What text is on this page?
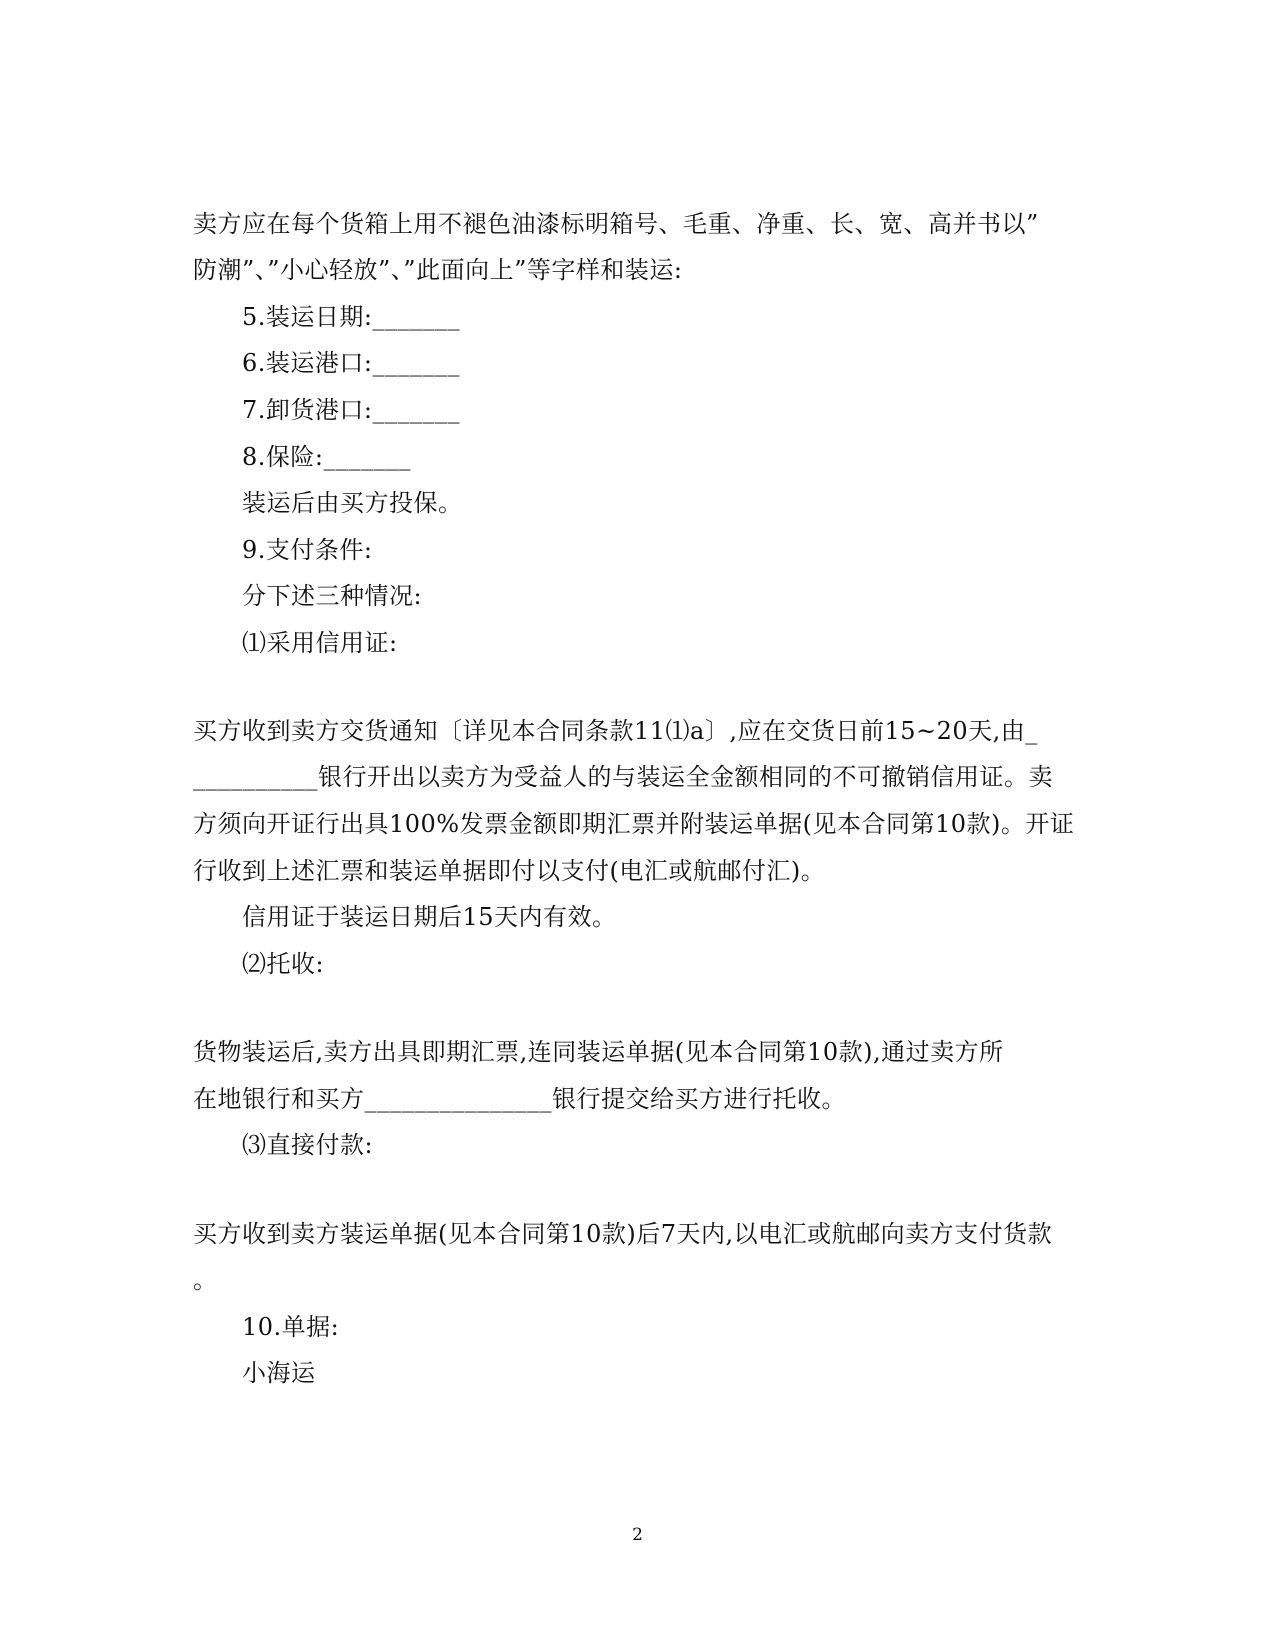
卖方应在每个货箱上用不褪色油漆标明箱号、毛重、净重、长、宽、高并书以”
防潮”、”小心轻放”、”此面向上”等字样和装运:
5.装运日期:_______
6.装运港口:_______
7.卸货港口:_______
8.保险:_______
装运后由买方投保。
9.支付条件:
分下述三种情况:
⑴采用信用证:
买方收到卖方交货通知〔详见本合同条款11⑴a〕,应在交货日前15~20天,由_
__________银行开出以卖方为受益人的与装运全金额相同的不可撤销信用证。卖
方须向开证行出具100%发票金额即期汇票并附装运单据(见本合同第10款)。开证
行收到上述汇票和装运单据即付以支付(电汇或航邮付汇)。
信用证于装运日期后15天内有效。
⑵托收:
货物装运后,卖方出具即期汇票,连同装运单据(见本合同第10款),通过卖方所
在地银行和买方_______________银行提交给买方进行托收。
⑶直接付款:
买方收到卖方装运单据(见本合同第10款)后7天内,以电汇或航邮向卖方支付货款
。
10.单据:
小海运
2
